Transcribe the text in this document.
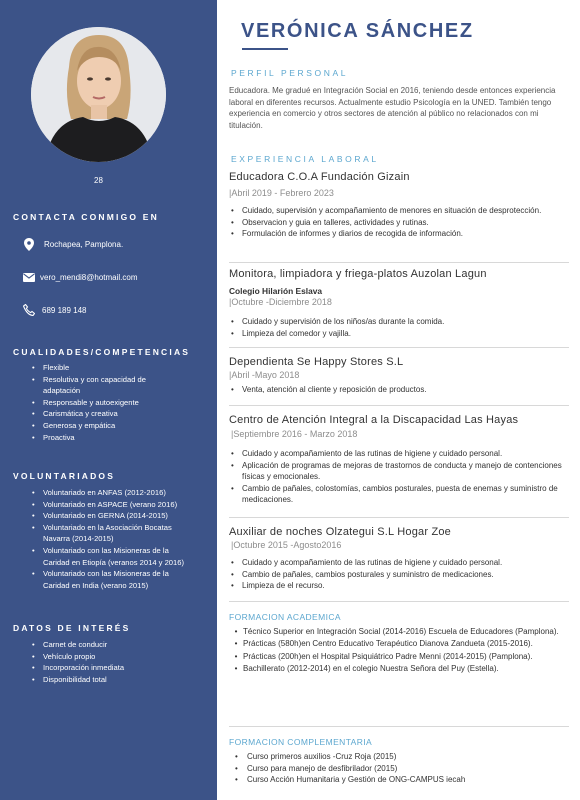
28
CONTACTA CONMIGO EN
Rochapea, Pamplona.
vero_mendi8@hotmail.com
689 189 148
CUALIDADES/COMPETENCIAS
• Flexible
• Resolutiva y con capacidad de adaptación
• Responsable y autoexigente
• Carismática y creativa
• Generosa y empática
• Proactiva
VOLUNTARIADOS
• Voluntariado en ANFAS (2012-2016)
• Voluntariado en ASPACE (verano 2016)
• Voluntariado en GERNA (2014-2015)
• Voluntariado en la Asociación Bocatas Navarra (2014-2015)
• Voluntariado con las Misioneras de la Caridad en Etiopía (veranos 2014 y 2016)
• Voluntariado con las Misioneras de la Caridad en India (verano 2015)
DATOS DE INTERÉS
• Carnet de conducir
• Vehículo propio
• Incorporación inmediata
• Disponibilidad total
VERÓNICA SÁNCHEZ
PERFIL PERSONAL
Educadora. Me gradué en Integración Social en 2016, teniendo desde entonces experiencia laboral en diferentes recursos. Actualmente estudio Psicología en la UNED. También tengo experiencia en comercio y otros sectores de atención al público no relacionados con mi titulación.
EXPERIENCIA LABORAL
Educadora C.O.A Fundación Gizain
|Abril 2019 - Febrero 2023
• Cuidado, supervisión y acompañamiento de menores en situación de desprotección.
• Observacion y guia en talleres, actividades y rutinas.
• Formulación de informes y diarios de recogida de información.
Monitora, limpiadora y friega-platos Auzolan Lagun
Colegio Hilarión Eslava
|Octubre -Diciembre 2018
• Cuidado y supervisión de los niños/as durante la comida.
• Limpieza del comedor y vajilla.
Dependienta Se Happy Stores S.L
|Abril -Mayo 2018
• Venta, atención al cliente y reposición de productos.
Centro de Atención Integral a la Discapacidad Las Hayas
|Septiembre 2016 - Marzo 2018
• Cuidado y acompañamiento de las rutinas de higiene y cuidado personal.
• Aplicación de programas de mejoras de trastornos de conducta y manejo de contenciones físicas y emocionales.
• Cambio de pañales, colostomías, cambios posturales, puesta de enemas y suministro de medicaciones.
Auxiliar de noches Olzategui S.L Hogar Zoe
|Octubre 2015 -Agosto2016
• Cuidado y acompañamiento de las rutinas de higiene y cuidado personal.
• Cambio de pañales, cambios posturales y suministro de medicaciones.
• Limpieza de el recurso.
FORMACION ACADEMICA
• Técnico Superior en Integración Social (2014-2016) Escuela de Educadores (Pamplona).
• Prácticas (580h)en Centro Educativo Terapéutico Dianova Zandueta (2015-2016).
• Prácticas (200h)en el Hospital Psiquiátrico Padre Menni (2014-2015) (Pamplona).
• Bachillerato (2012-2014) en el colegio Nuestra Señora del Puy (Estella).
FORMACION COMPLEMENTARIA
• Curso primeros auxilios -Cruz Roja (2015)
• Curso para manejo de desfibrilador (2015)
• Curso Acción Humanitaria y Gestión de ONG-CAMPUS iecah
